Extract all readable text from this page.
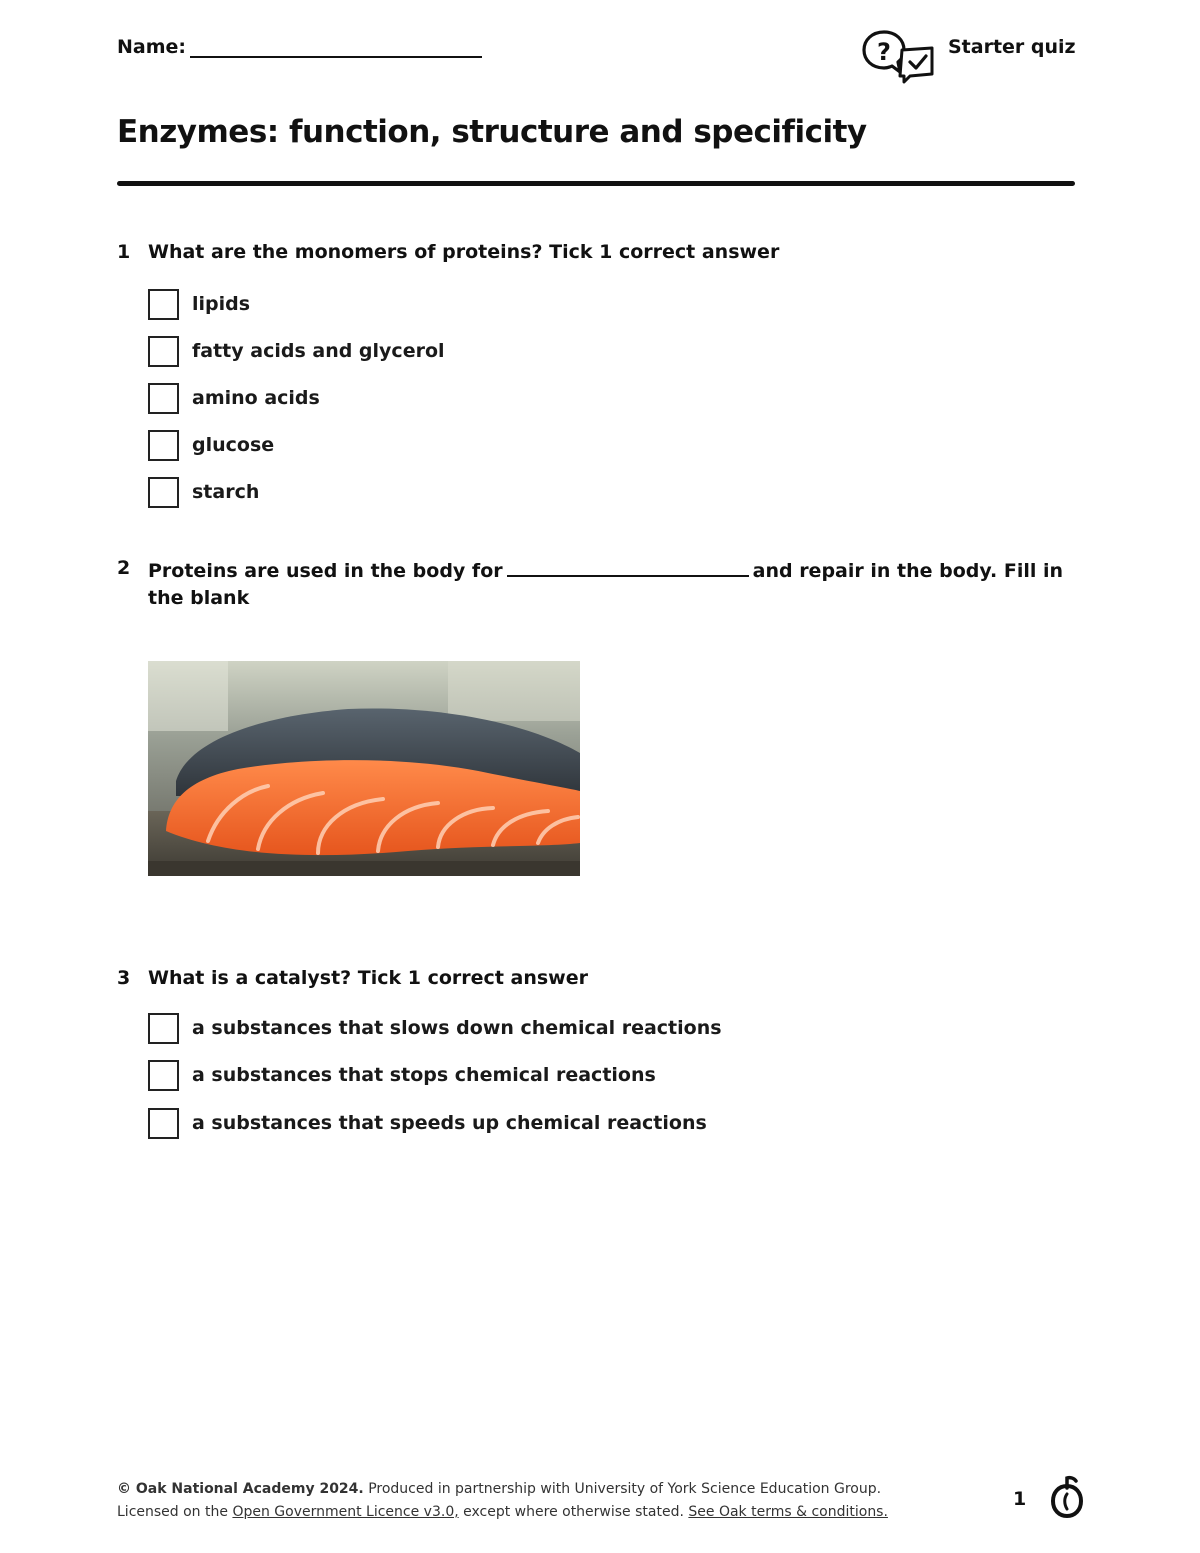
Name:	?	Starter quiz
Enzymes: function, structure and specificity
1 What are the monomers of proteins? Tick 1 correct answer
lipids
fatty acids and glycerol
amino acids
glucose
starch
2 Proteins are used in the body for	and repair in the body. Fill in
the blank
3 What is a catalyst? Tick 1 correct answer
a substances that slows down chemical reactions
a substances that stops chemical reactions
a substances that speeds up chemical reactions
© Oak National Academy 2024. Produced in partnership with University of York Science Education Group.
Licensed on the Open Government Licence v3.0, except where otherwise stated. See Oak terms & conditions.
1
